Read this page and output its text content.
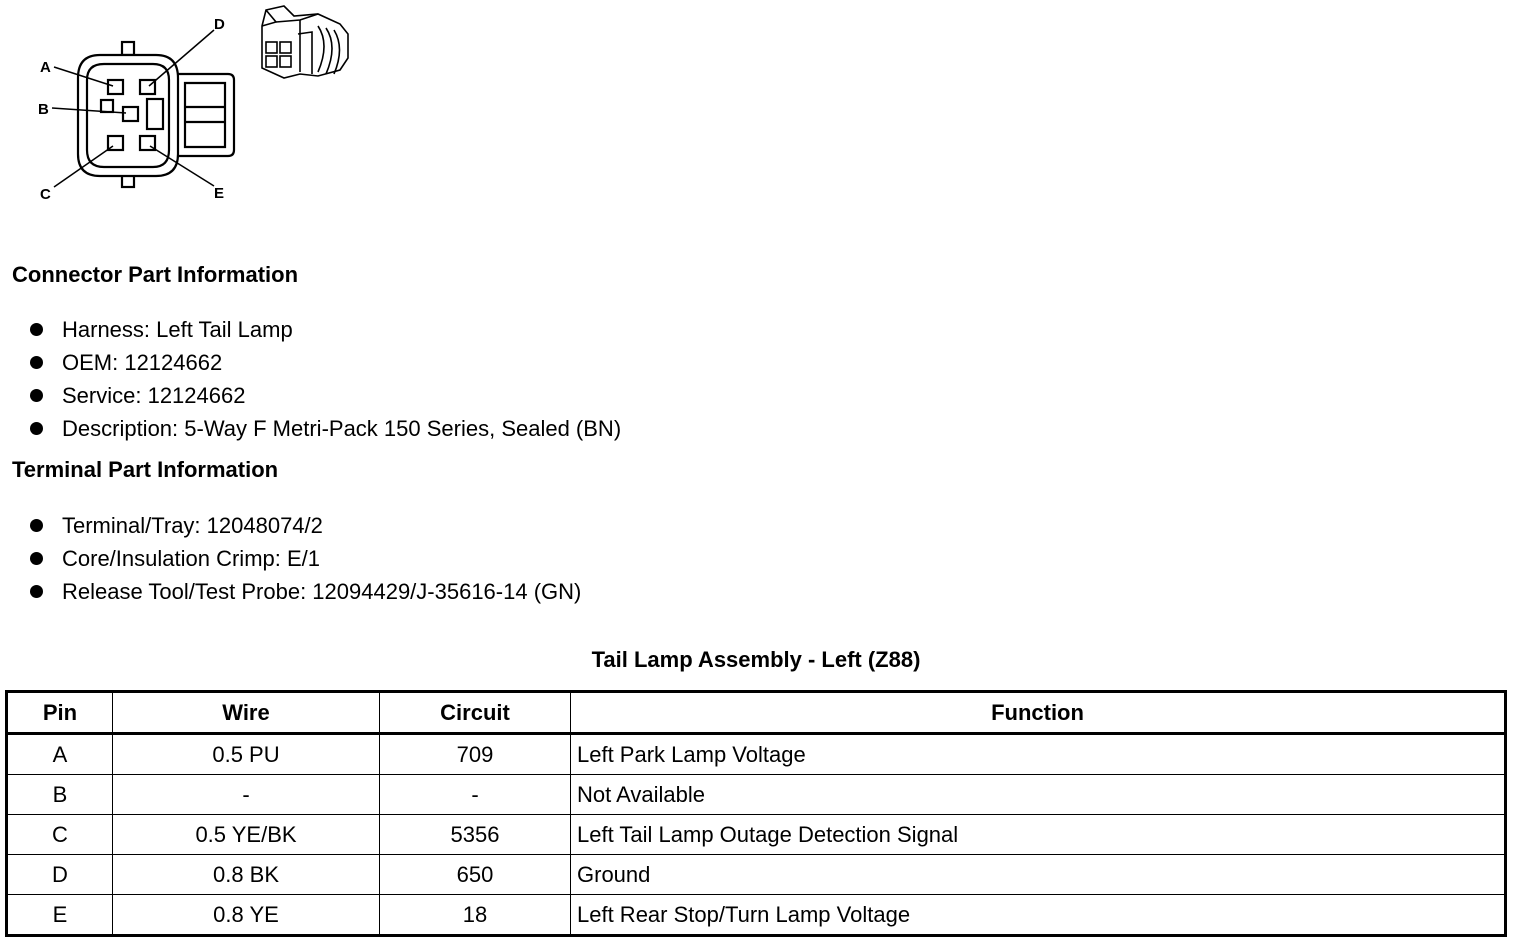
A
B
C
D
E
Connector Part Information
Harness: Left Tail Lamp
OEM: 12124662
Service: 12124662
Description: 5-Way F Metri-Pack 150 Series, Sealed (BN)
Terminal Part Information
Terminal/Tray: 12048074/2
Core/Insulation Crimp: E/1
Release Tool/Test Probe: 12094429/J-35616-14 (GN)
Tail Lamp Assembly - Left (Z88)
Pin	Wire	Circuit	Function
A	0.5 PU	709	Left Park Lamp Voltage
B	-	-	Not Available
C	0.5 YE/BK	5356	Left Tail Lamp Outage Detection Signal
D	0.8 BK	650	Ground
E	0.8 YE	18	Left Rear Stop/Turn Lamp Voltage
